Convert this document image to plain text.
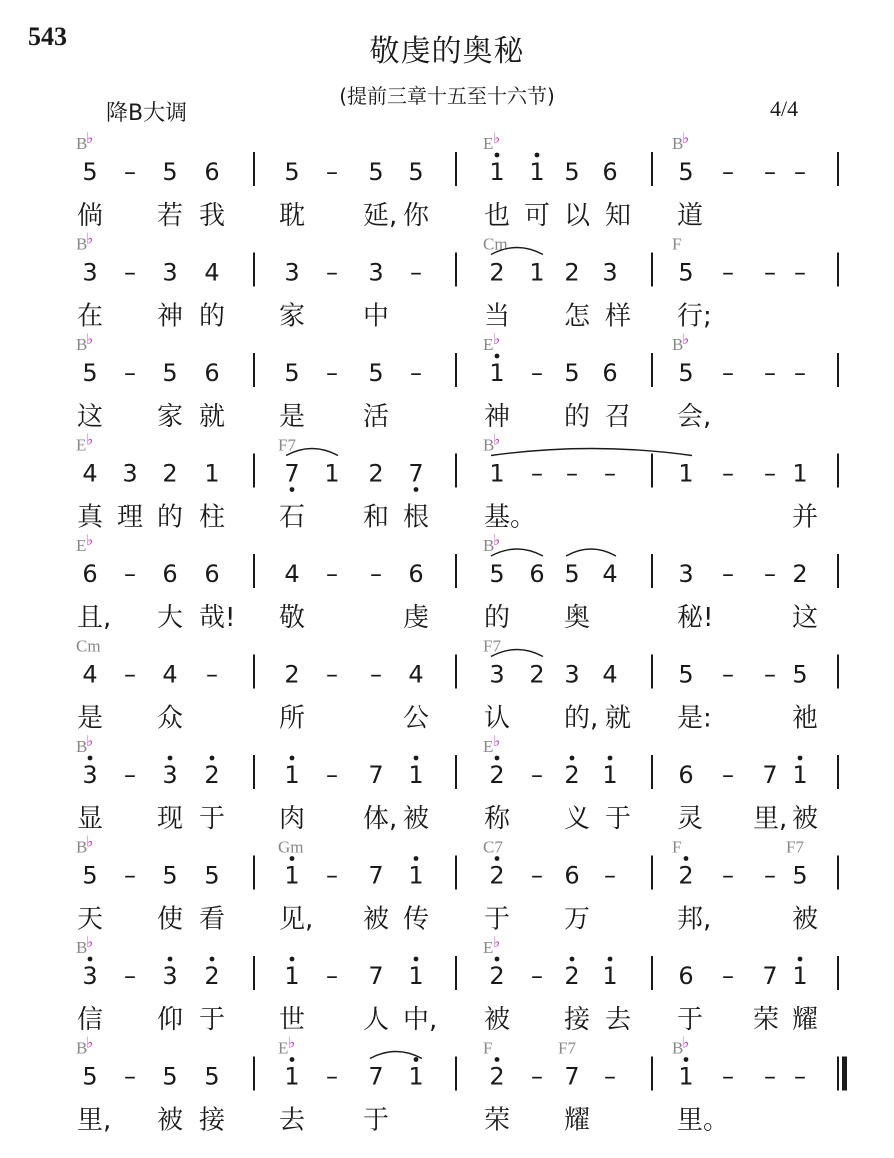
543	敬虔的奥秘
(提前三章十五至十六节)
降B大调	4/4
B
♭	E ♭	B
♭
5 – 5 6	5 – 5 5	1 1 5 6	5 – – –
倘 若 我 耽 延, 你 也 可 以 知 道
B
♭	Cm	F
3 – 3 4	3 – 3 –	2 1 2 3	5 – – –
在 神 的 家 中	当 怎 样 行;
B
♭	E ♭	B
♭
5 – 5 6	5 – 5 –	1 – 5 6	5 – – –
这 家 就 是 活	神 的 召 会,
E ♭	F7	B
♭
4 3 2 1	7 1 2 7	1 – – –	1 – – 1
真 理 的 柱 石 和 根 基。	并
E ♭	B
♭
6 – 6 6	4 – – 6	5 6 5 4	3 – – 2
且, 大 哉! 敬	虔 的 奥	秘!	这
Cm	F7
4 – 4 –	2 – – 4	3 2 3 4	5 – – 5
是 众	所	公 认 的, 就 是:	祂
B
♭	E ♭
3 – 3 2	1 – 7 1	2 – 2 1	6 – 7 1
显 现 于 肉 体, 被 称 义 于 灵 里, 被
B
♭	Gm	C7	F	F7
5 – 5 5	1 – 7 1	2 – 6 –	2 – – 5
天 使 看 见, 被 传 于 万	邦,	被
B
♭	E ♭
3 – 3 2	1 – 7 1	2 – 2 1	6 – 7 1
信 仰 于 世 人 中, 被 接 去 于 荣 耀
B
♭	E ♭	F	F7	B
♭
5 – 5 5	1 – 7 1	2 – 7 –	1 – – –
里, 被 接 去 于	荣 耀	里。
